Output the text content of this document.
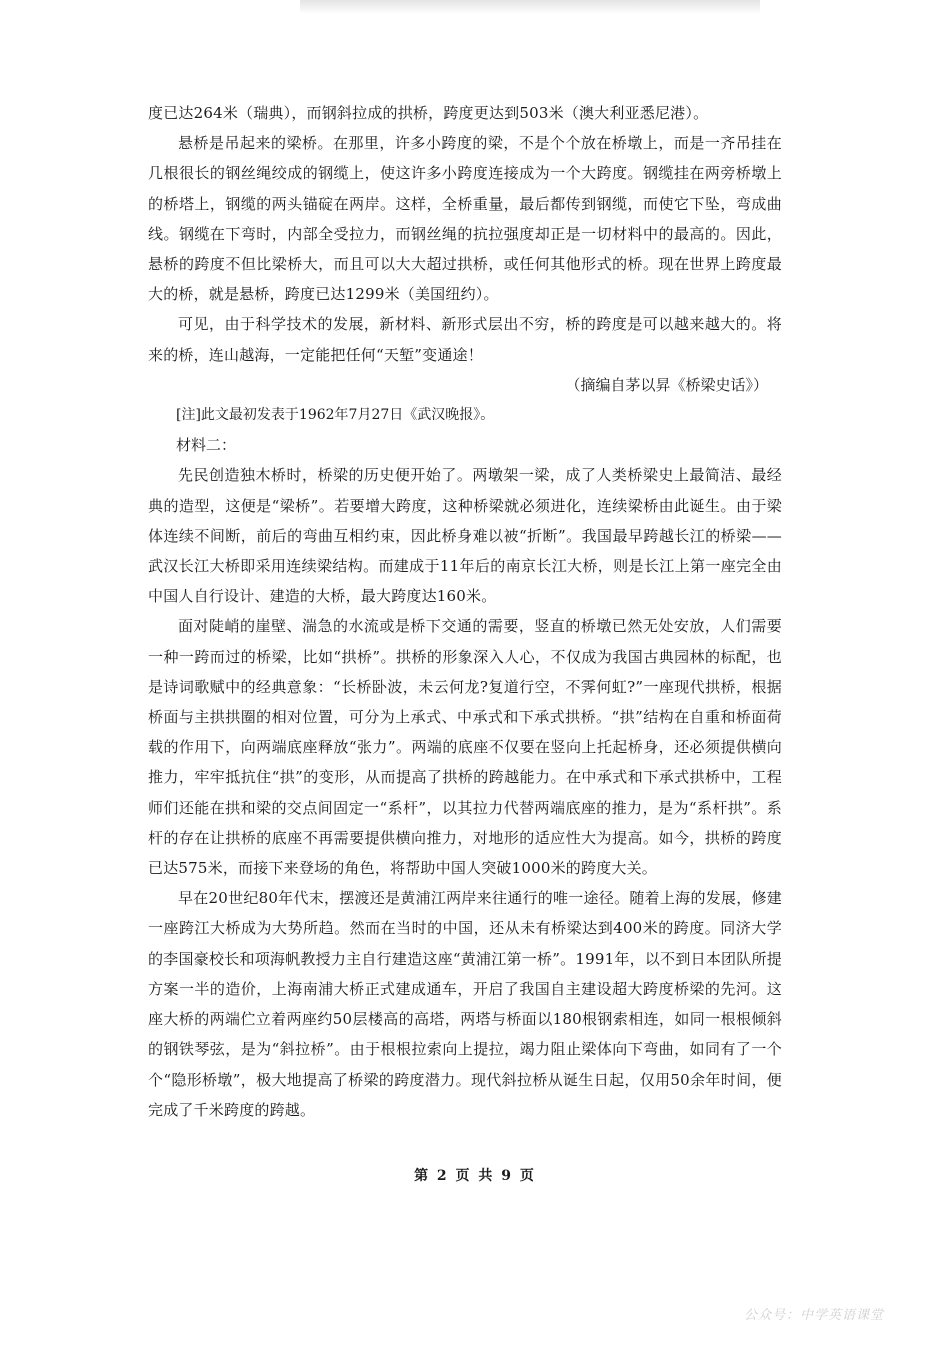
度已达264米（瑞典），而钢斜拉成的拱桥，跨度更达到503米（澳大利亚悉尼港）。

悬桥是吊起来的梁桥。在那里，许多小跨度的梁，不是个个放在桥墩上，而是一齐吊挂在几根很长的钢丝绳绞成的钢缆上，使这许多小跨度连接成为一个大跨度。钢缆挂在两旁桥墩上的桥塔上，钢缆的两头锚碇在两岸。这样，全桥重量，最后都传到钢缆，而使它下坠，弯成曲线。钢缆在下弯时，内部全受拉力，而钢丝绳的抗拉强度却正是一切材料中的最高的。因此，悬桥的跨度不但比梁桥大，而且可以大大超过拱桥，或任何其他形式的桥。现在世界上跨度最大的桥，就是悬桥，跨度已达1299米（美国纽约）。

可见，由于科学技术的发展，新材料、新形式层出不穷，桥的跨度是可以越来越大的。将来的桥，连山越海，一定能把任何“天堑”变通途！

（摘编自茅以昇《桥梁史话》）

[注]此文最初发表于1962年7月27日《武汉晚报》。

材料二：

先民创造独木桥时，桥梁的历史便开始了。两墩架一梁，成了人类桥梁史上最简洁、最经典的造型，这便是“梁桥”。若要增大跨度，这种桥梁就必须进化，连续梁桥由此诞生。由于梁体连续不间断，前后的弯曲互相约束，因此桥身难以被“折断”。我国最早跨越长江的桥梁——武汉长江大桥即采用连续梁结构。而建成于11年后的南京长江大桥，则是长江上第一座完全由中国人自行设计、建造的大桥，最大跨度达160米。

面对陡峭的崖壁、湍急的水流或是桥下交通的需要，竖直的桥墩已然无处安放，人们需要一种一跨而过的桥梁，比如“拱桥”。拱桥的形象深入人心，不仅成为我国古典园林的标配，也是诗词歌赋中的经典意象：“长桥卧波，未云何龙?复道行空，不霁何虹?”一座现代拱桥，根据桥面与主拱拱圈的相对位置，可分为上承式、中承式和下承式拱桥。“拱”结构在自重和桥面荷载的作用下，向两端底座释放“张力”。两端的底座不仅要在竖向上托起桥身，还必须提供横向推力，牢牢抵抗住“拱”的变形，从而提高了拱桥的跨越能力。在中承式和下承式拱桥中，工程师们还能在拱和梁的交点间固定一“系杆”，以其拉力代替两端底座的推力，是为“系杆拱”。系杆的存在让拱桥的底座不再需要提供横向推力，对地形的适应性大为提高。如今，拱桥的跨度已达575米，而接下来登场的角色，将帮助中国人突破1000米的跨度大关。

早在20世纪80年代末，摆渡还是黄浦江两岸来往通行的唯一途径。随着上海的发展，修建一座跨江大桥成为大势所趋。然而在当时的中国，还从未有桥梁达到400米的跨度。同济大学的李国豪校长和项海帆教授力主自行建造这座“黄浦江第一桥”。1991年，以不到日本团队所提方案一半的造价，上海南浦大桥正式建成通车，开启了我国自主建设超大跨度桥梁的先河。这座大桥的两端伫立着两座约50层楼高的高塔，两塔与桥面以180根钢索相连，如同一根根倾斜的钢铁琴弦，是为“斜拉桥”。由于根根拉索向上提拉，竭力阻止梁体向下弯曲，如同有了一个个“隐形桥墩”，极大地提高了桥梁的跨度潜力。现代斜拉桥从诞生日起，仅用50余年时间，便完成了千米跨度的跨越。

第 2 页 共 9 页
公众号：中学英语课堂
